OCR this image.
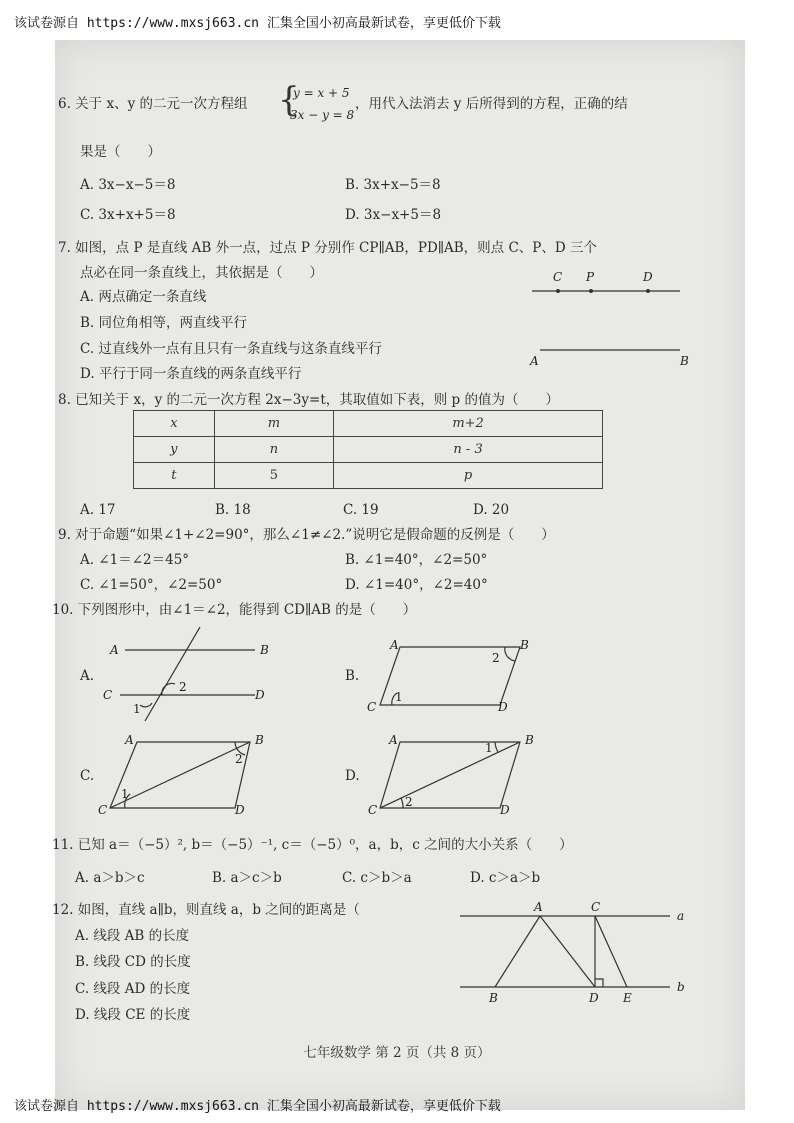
该试卷源自 https://www.mxsj663.cn 汇集全国小初高最新试卷，享更低价下载
6. 关于 x、y 的二元一次方程组 {
y = x + 5
3x − y = 8
，用代入法消去 y 后所得到的方程，正确的结
果是（　　）
A. 3x−x−5＝8	B. 3x+x−5＝8
C. 3x+x+5＝8	D. 3x−x+5＝8
7. 如图，点 P 是直线 AB 外一点，过点 P 分别作 CP∥AB，PD∥AB，则点 C、P、D 三个
点必在同一条直线上，其依据是（　　）
A. 两点确定一条直线
B. 同位角相等，两直线平行
C. 过直线外一点有且只有一条直线与这条直线平行
D. 平行于同一条直线的两条直线平行
C P	D
A	B
8. 已知关于 x，y 的二元一次方程 2x−3y=t，其取值如下表，则 p 的值为（　　）
x	m	m+2
y	n	n - 3
t	5	p
A. 17	B. 18	C. 19	D. 20
9. 对于命题“如果∠1+∠2=90°，那么∠1≠∠2.”说明它是假命题的反例是（　　）
A. ∠1＝∠2＝45°	B. ∠1=40°，∠2=50°
C. ∠1=50°，∠2=50°	D. ∠1=40°，∠2=40°
10. 下列图形中，由∠1＝∠2，能得到 CD∥AB 的是（　　）
A.	B.
C.	D.
A	B
C	D
2
1
A	B
C	D
1
2
A	B
C	D
1
2
A	B
C	D
2
1
11. 已知 a＝（−5）², b＝（−5）⁻¹, c＝（−5）⁰，a，b，c 之间的大小关系（　　）
A. a＞b＞c	B. a＞c＞b	C. c＞b＞a	D. c＞a＞b
12. 如图，直线 a∥b，则直线 a，b 之间的距离是（
A. 线段 AB 的长度
B. 线段 CD 的长度
C. 线段 AD 的长度
D. 线段 CE 的长度
A	C
a
B	D E
b
七年级数学 第 2 页（共 8 页）
该试卷源自 https://www.mxsj663.cn 汇集全国小初高最新试卷，享更低价下载
